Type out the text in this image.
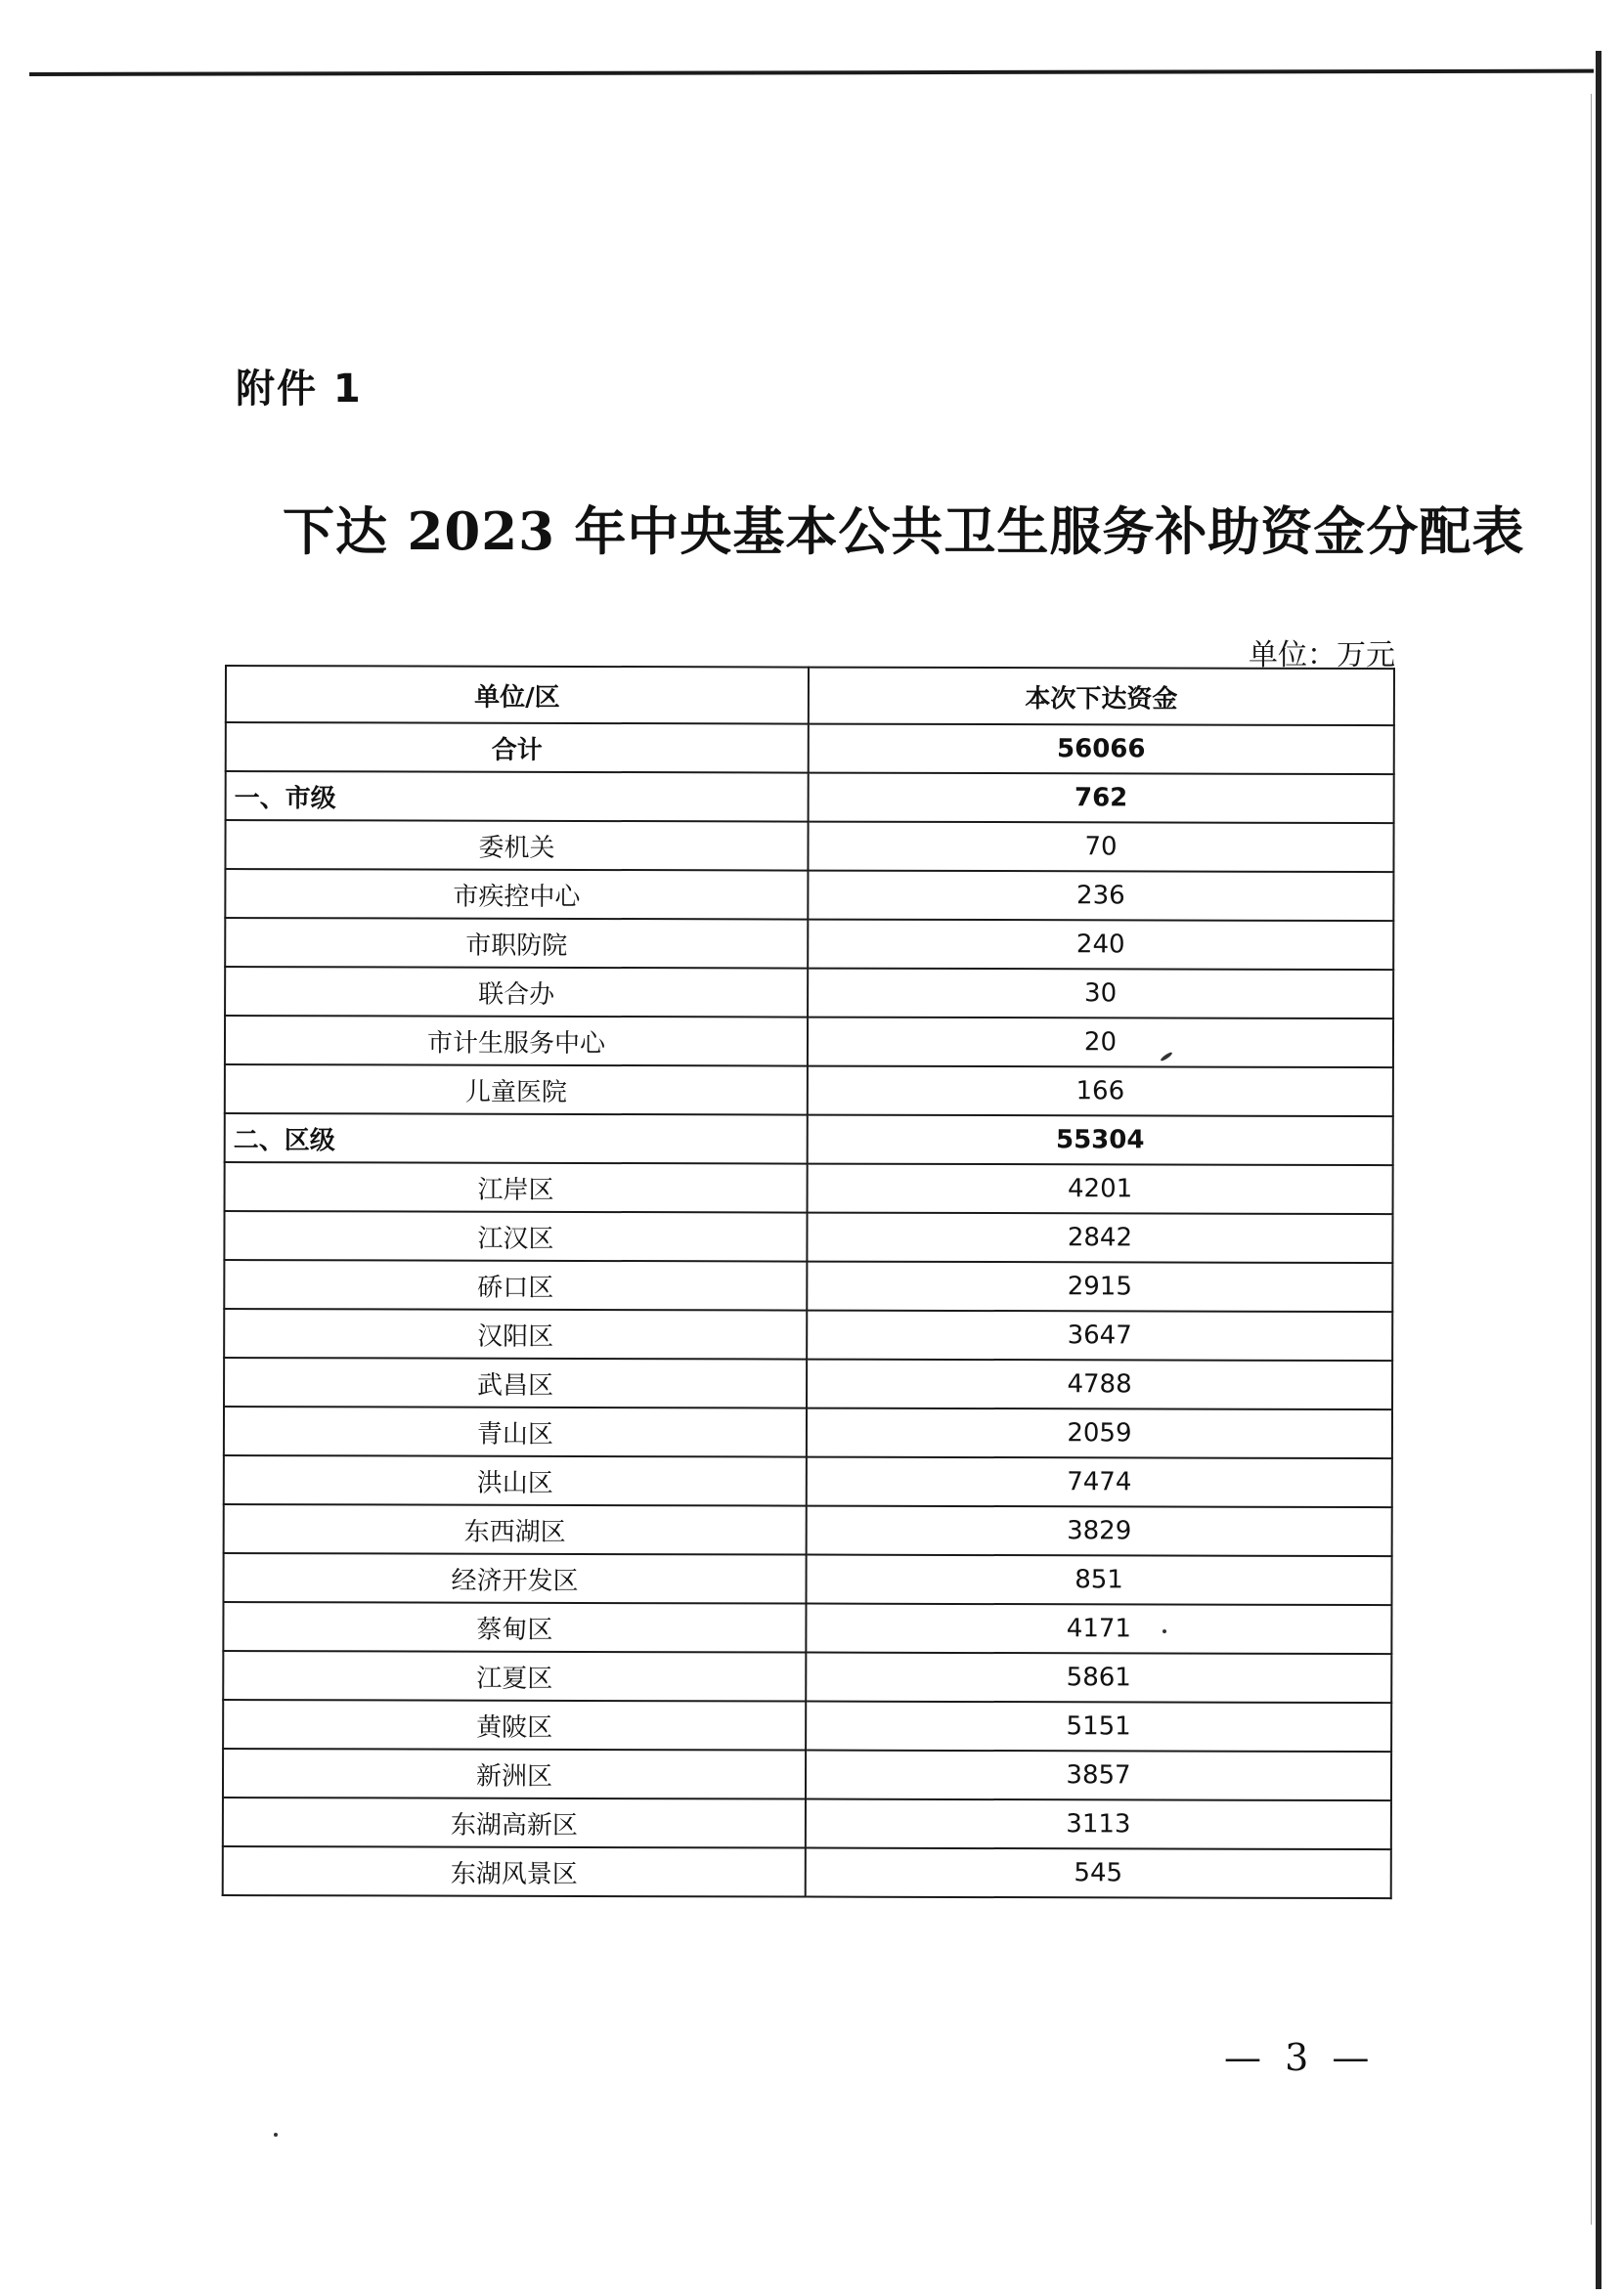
附件 1
下达 2023 年中央基本公共卫生服务补助资金分配表
单位：万元
单位/区	本次下达资金
合计	56066
一、市级	762
委机关	70
市疾控中心	236
市职防院	240
联合办	30
市计生服务中心	20
儿童医院	166
二、区级	55304
江岸区	4201
江汉区	2842
硚口区	2915
汉阳区	3647
武昌区	4788
青山区	2059
洪山区	7474
东西湖区	3829
经济开发区	851
蔡甸区	4171
江夏区	5861
黄陂区	5151
新洲区	3857
东湖高新区	3113
东湖风景区	545
— 3 —
